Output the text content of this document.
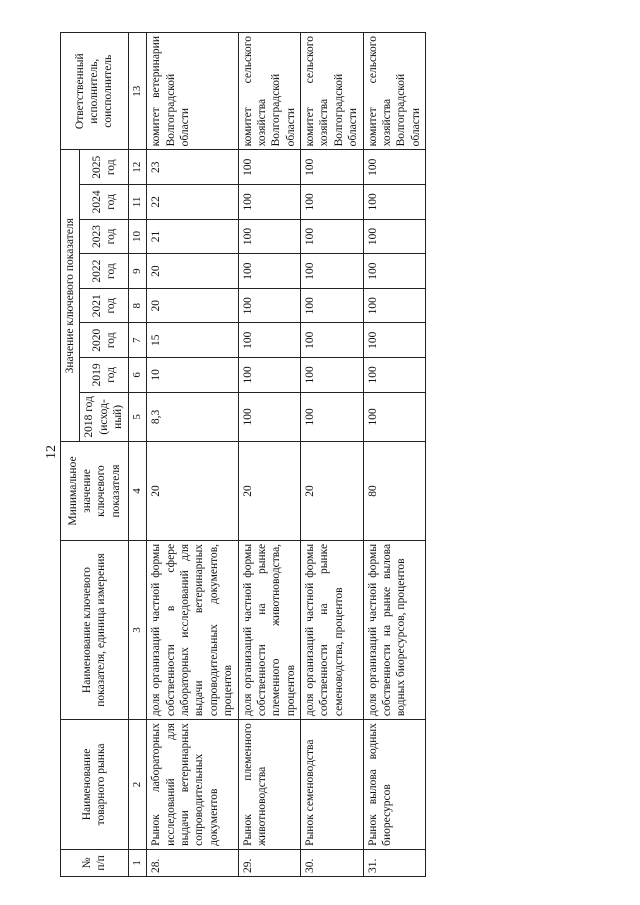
12
№ п/п	Наименование товарного рынка	Наименование ключевого показателя, единица измерения	Минимальное значение ключевого показателя	Значение ключевого показателя								Ответственный исполнитель, соисполнитель
				2018 год (исход-ный)	2019 год	2020 год	2021 год	2022 год	2023 год	2024 год	2025 год	
1	2	3	4	5	6	7	8	9	10	11	12	13
28.	Рынок лабораторных исследований для выдачи ветеринарных сопроводительных документов	доля организаций частной формы собственности в сфере лабораторных исследований для выдачи ветеринарных сопроводительных документов, процентов	20	8,3	10	15	20	20	21	22	23	комитет ветеринарии Волгоградской области
29.	Рынок племенного животноводства	доля организаций частной формы собственности на рынке племенного животноводства, процентов	20	100	100	100	100	100	100	100	100	комитет сельского хозяйства Волгоградской области
30.	Рынок семеноводства	доля организаций частной формы собственности на рынке семеноводства, процентов	20	100	100	100	100	100	100	100	100	комитет сельского хозяйства Волгоградской области
31.	Рынок вылова водных биоресурсов	доля организаций частной формы собственности на рынке вылова водных биоресурсов, процентов	80	100	100	100	100	100	100	100	100	комитет сельского хозяйства Волгоградской области
